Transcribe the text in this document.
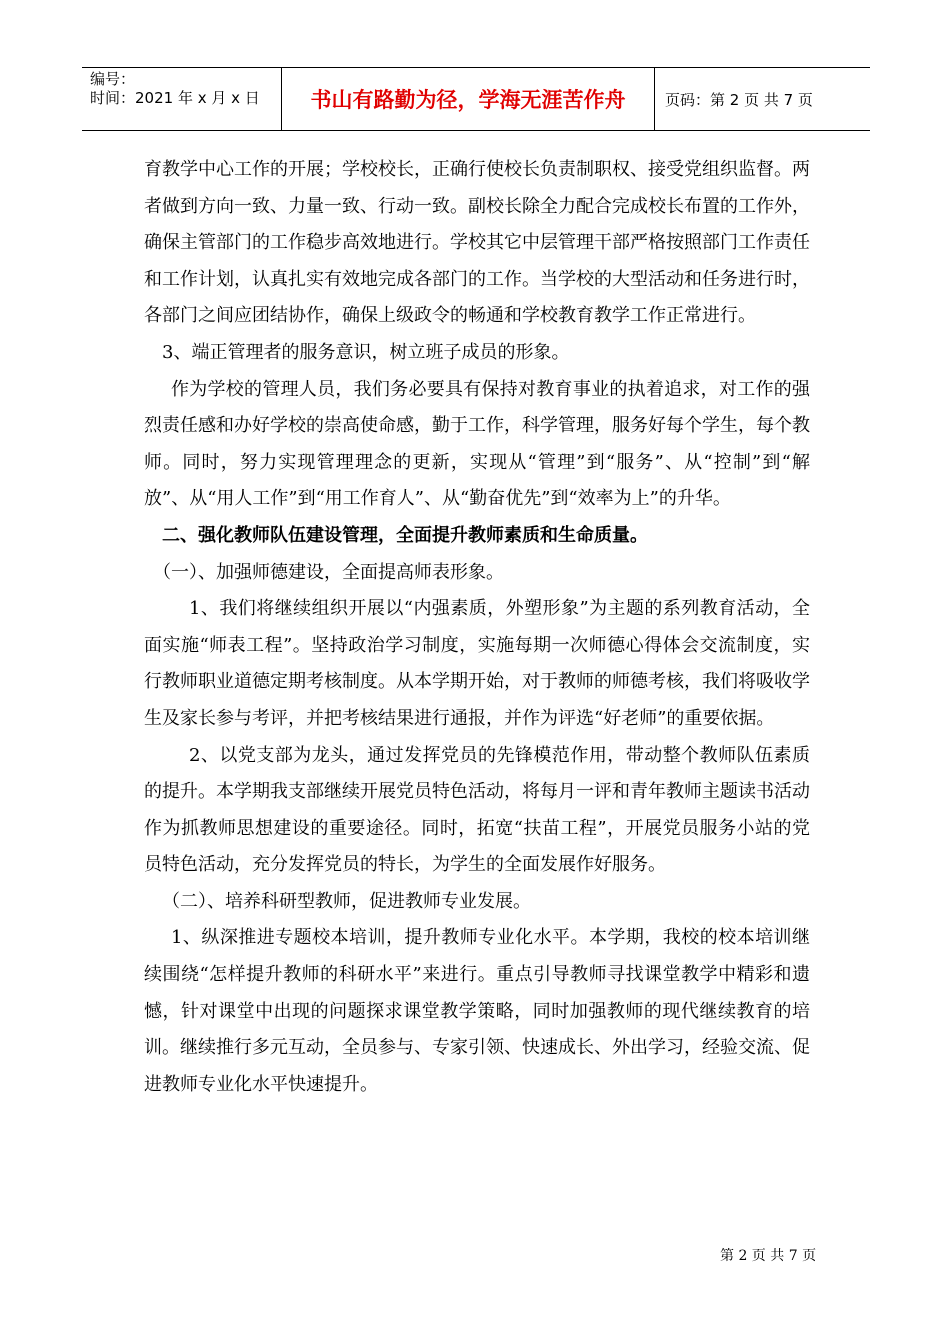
编号：
时间：2021 年 x 月 x 日	书山有路勤为径，学海无涯苦作舟	页码：第 2 页 共 7 页

育教学中心工作的开展；学校校长，正确行使校长负责制职权、接受党组织监督。两者做到方向一致、力量一致、行动一致。副校长除全力配合完成校长布置的工作外，确保主管部门的工作稳步高效地进行。学校其它中层管理干部严格按照部门工作责任和工作计划，认真扎实有效地完成各部门的工作。当学校的大型活动和任务进行时，各部门之间应团结协作，确保上级政令的畅通和学校教育教学工作正常进行。

3、端正管理者的服务意识，树立班子成员的形象。

作为学校的管理人员，我们务必要具有保持对教育事业的执着追求，对工作的强烈责任感和办好学校的崇高使命感，勤于工作，科学管理，服务好每个学生，每个教师。同时，努力实现管理理念的更新，实现从“管理”到“服务”、从“控制”到“解放”、从“用人工作”到“用工作育人”、从“勤奋优先”到“效率为上”的升华。

二、强化教师队伍建设管理，全面提升教师素质和生命质量。

（一）、加强师德建设，全面提高师表形象。

1、我们将继续组织开展以“内强素质，外塑形象”为主题的系列教育活动，全面实施“师表工程”。坚持政治学习制度，实施每期一次师德心得体会交流制度，实行教师职业道德定期考核制度。从本学期开始，对于教师的师德考核，我们将吸收学生及家长参与考评，并把考核结果进行通报，并作为评选“好老师”的重要依据。

2、以党支部为龙头，通过发挥党员的先锋模范作用，带动整个教师队伍素质的提升。本学期我支部继续开展党员特色活动，将每月一评和青年教师主题读书活动作为抓教师思想建设的重要途径。同时，拓宽“扶苗工程”，开展党员服务小站的党员特色活动，充分发挥党员的特长，为学生的全面发展作好服务。

（二）、培养科研型教师，促进教师专业发展。

1、纵深推进专题校本培训，提升教师专业化水平。本学期，我校的校本培训继续围绕“怎样提升教师的科研水平”来进行。重点引导教师寻找课堂教学中精彩和遗憾，针对课堂中出现的问题探求课堂教学策略，同时加强教师的现代继续教育的培训。继续推行多元互动，全员参与、专家引领、快速成长、外出学习，经验交流、促进教师专业化水平快速提升。

第 2 页 共 7 页
